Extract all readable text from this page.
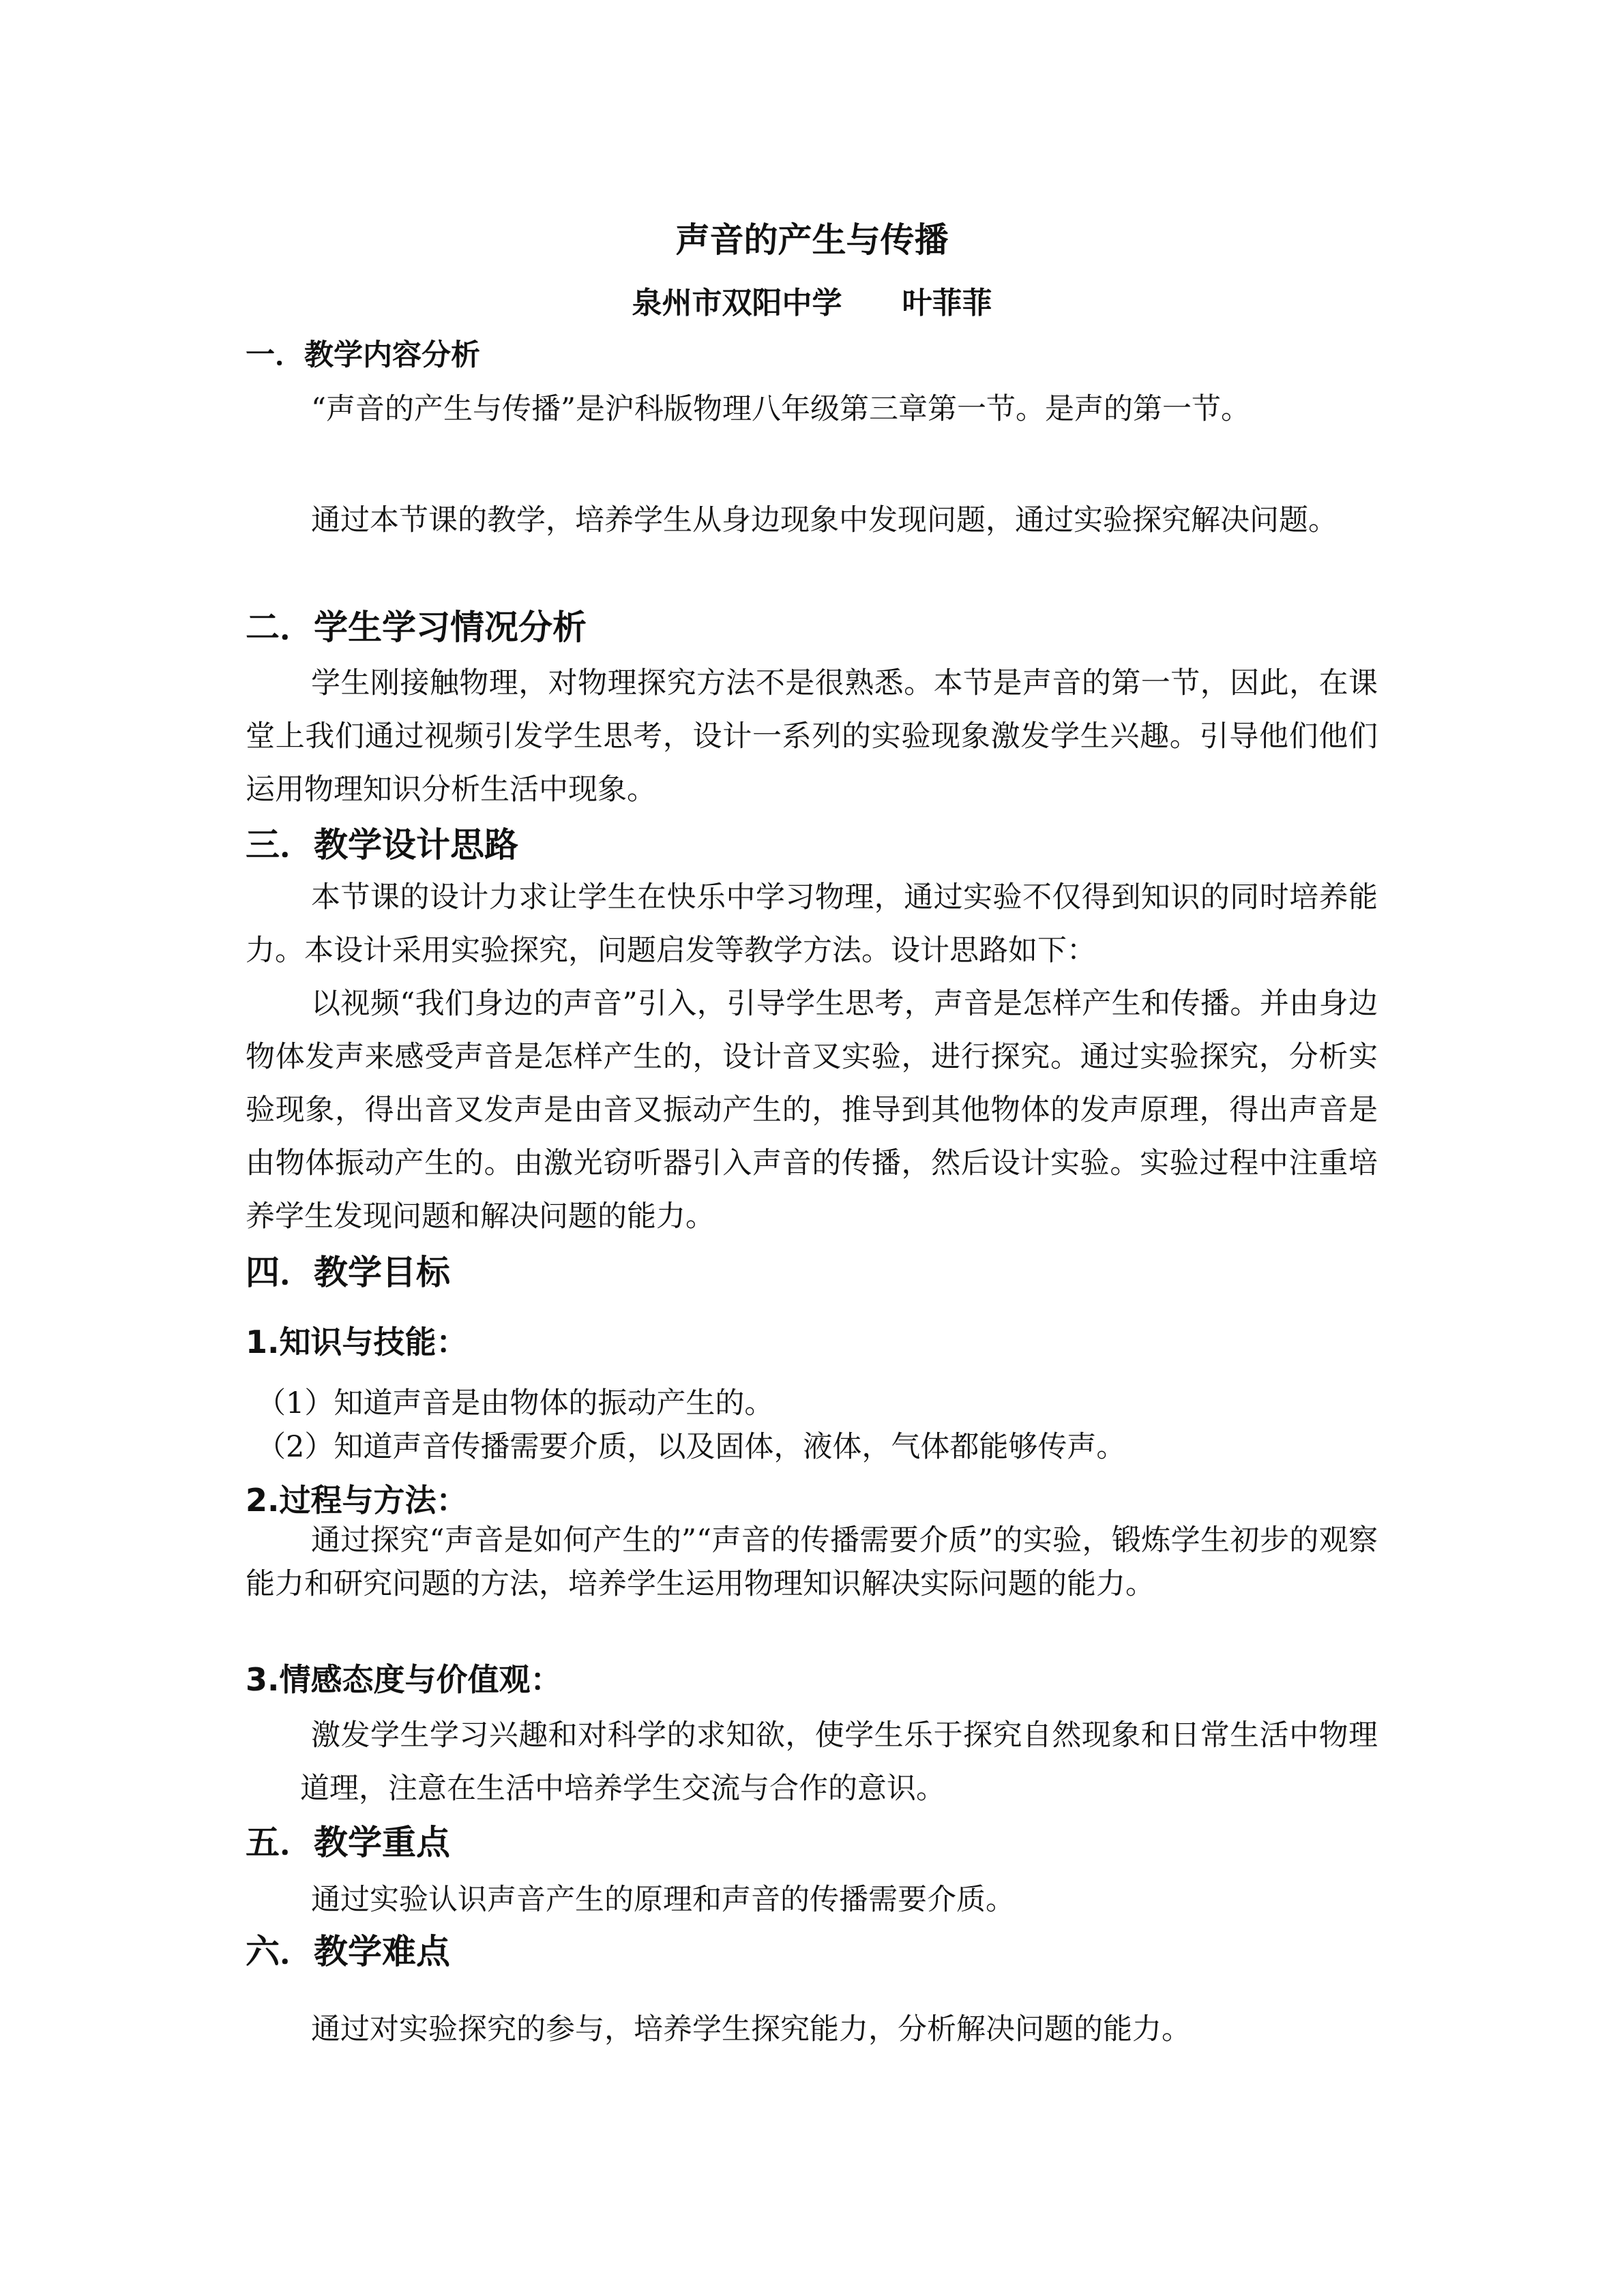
声音的产生与传播

泉州市双阳中学　　叶菲菲

一．教学内容分析

“声音的产生与传播”是沪科版物理八年级第三章第一节。是声的第一节。

通过本节课的教学，培养学生从身边现象中发现问题，通过实验探究解决问题。

二．学生学习情况分析

学生刚接触物理，对物理探究方法不是很熟悉。本节是声音的第一节，因此，在课堂上我们通过视频引发学生思考，设计一系列的实验现象激发学生兴趣。引导他们他们运用物理知识分析生活中现象。

三．教学设计思路

本节课的设计力求让学生在快乐中学习物理，通过实验不仅得到知识的同时培养能力。本设计采用实验探究，问题启发等教学方法。设计思路如下：

以视频“我们身边的声音”引入，引导学生思考，声音是怎样产生和传播。并由身边物体发声来感受声音是怎样产生的，设计音叉实验，进行探究。通过实验探究，分析实验现象，得出音叉发声是由音叉振动产生的，推导到其他物体的发声原理，得出声音是由物体振动产生的。由激光窃听器引入声音的传播，然后设计实验。实验过程中注重培养学生发现问题和解决问题的能力。

四．教学目标
1.知识与技能：

（1）知道声音是由物体的振动产生的。

（2）知道声音传播需要介质，以及固体，液体，气体都能够传声。

2.过程与方法：

通过探究“声音是如何产生的”“声音的传播需要介质”的实验，锻炼学生初步的观察能力和研究问题的方法，培养学生运用物理知识解决实际问题的能力。

3.情感态度与价值观：

激发学生学习兴趣和对科学的求知欲，使学生乐于探究自然现象和日常生活中物理道理，注意在生活中培养学生交流与合作的意识。

五．教学重点

通过实验认识声音产生的原理和声音的传播需要介质。

六．教学难点

通过对实验探究的参与，培养学生探究能力，分析解决问题的能力。
